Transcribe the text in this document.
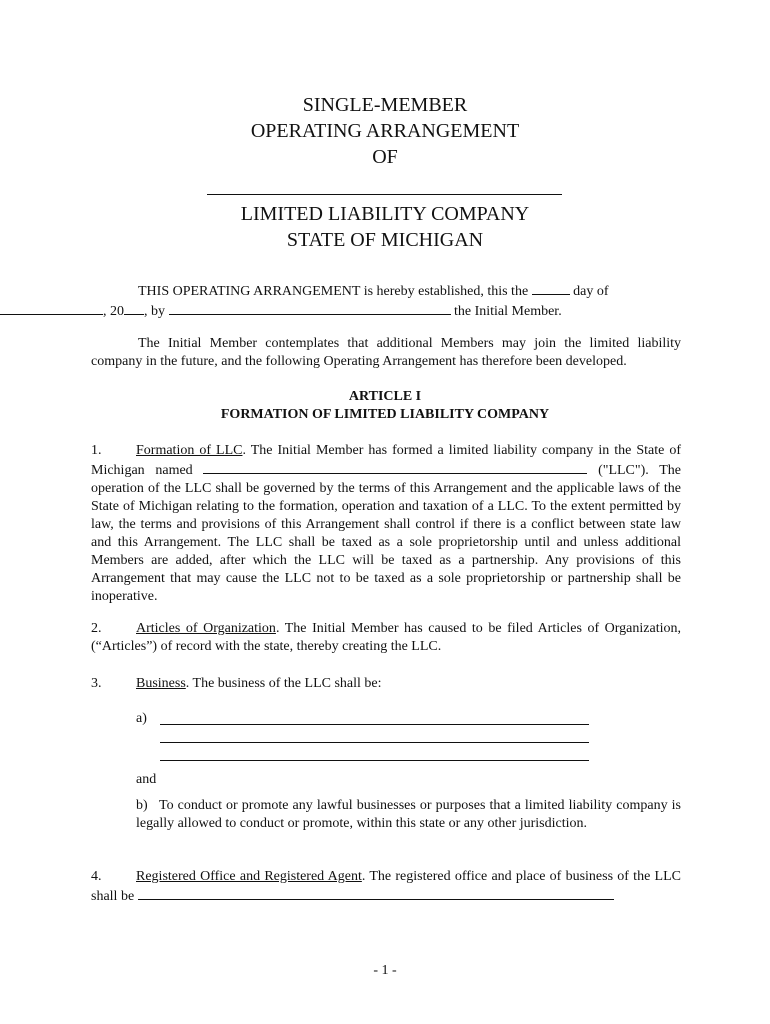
SINGLE-MEMBER
OPERATING ARRANGEMENT
OF
LIMITED LIABILITY COMPANY
STATE OF MICHIGAN
THIS OPERATING ARRANGEMENT is hereby established, this the	day of
, 20 , by	the Initial Member.
The Initial Member contemplates that additional Members may join the limited liability company in the future, and the following Operating Arrangement has therefore been developed.
ARTICLE I
FORMATION OF LIMITED LIABILITY COMPANY
1. Formation of LLC. The Initial Member has formed a limited liability company in the State of Michigan named	("LLC"). The operation of the LLC shall be governed by the terms of this Arrangement and the applicable laws of the State of Michigan relating to the formation, operation and taxation of a LLC. To the extent permitted by law, the terms and provisions of this Arrangement shall control if there is a conflict between state law and this Arrangement. The LLC shall be taxed as a sole proprietorship until and unless additional Members are added, after which the LLC will be taxed as a partnership. Any provisions of this Arrangement that may cause the LLC not to be taxed as a sole proprietorship or partnership shall be inoperative.
2. Articles of Organization. The Initial Member has caused to be filed Articles of Organization, (“Articles”) of record with the state, thereby creating the LLC.
3. Business. The business of the LLC shall be:
a)
and
b) To conduct or promote any lawful businesses or purposes that a limited liability company is legally allowed to conduct or promote, within this state or any other jurisdiction.
4. Registered Office and Registered Agent. The registered office and place of business of the LLC shall be
- 1 -
